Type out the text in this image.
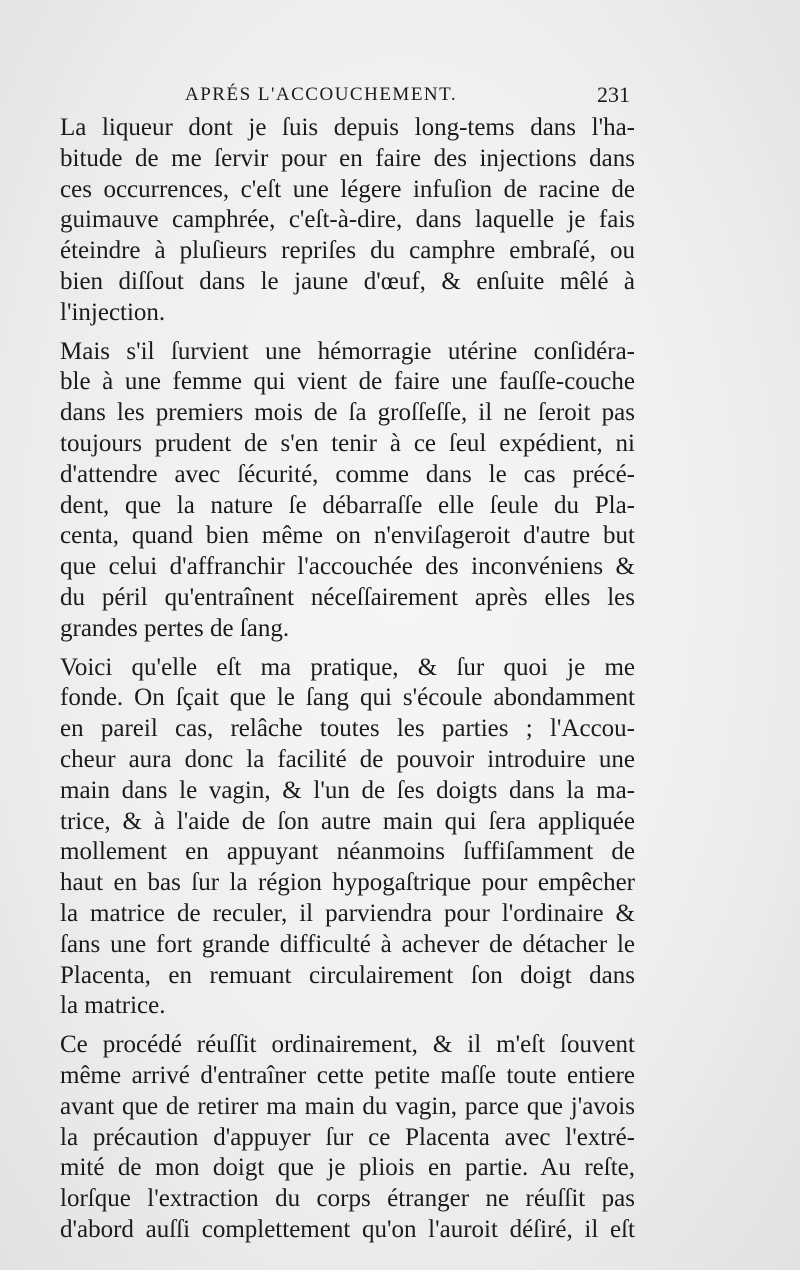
APRÉS L'ACCOUCHEMENT.	231
La liqueur dont je ſuis depuis long-tems dans l'ha-
bitude de me ſervir pour en faire des injections dans
ces occurrences, c'eſt une légere infuſion de racine de
guimauve camphrée, c'eſt-à-dire, dans laquelle je fais
éteindre à pluſieurs repriſes du camphre embraſé, ou
bien diſſout dans le jaune d'œuf, & enſuite mêlé à
l'injection.
Mais s'il ſurvient une hémorragie utérine conſidéra-
ble à une femme qui vient de faire une fauſſe-couche
dans les premiers mois de ſa groſſeſſe, il ne ſeroit pas
toujours prudent de s'en tenir à ce ſeul expédient, ni
d'attendre avec ſécurité, comme dans le cas précé-
dent, que la nature ſe débarraſſe elle ſeule du Pla-
centa, quand bien même on n'enviſageroit d'autre but
que celui d'affranchir l'accouchée des inconvéniens &
du péril qu'entraînent néceſſairement après elles les
grandes pertes de ſang.
Voici qu'elle eſt ma pratique, & ſur quoi je me
fonde. On ſçait que le ſang qui s'écoule abondamment
en pareil cas, relâche toutes les parties ; l'Accou-
cheur aura donc la facilité de pouvoir introduire une
main dans le vagin, & l'un de ſes doigts dans la ma-
trice, & à l'aide de ſon autre main qui ſera appliquée
mollement en appuyant néanmoins ſuffiſamment de
haut en bas ſur la région hypogaſtrique pour empêcher
la matrice de reculer, il parviendra pour l'ordinaire &
ſans une fort grande difficulté à achever de détacher le
Placenta, en remuant circulairement ſon doigt dans
la matrice.
Ce procédé réuſſit ordinairement, & il m'eſt ſouvent
même arrivé d'entraîner cette petite maſſe toute entiere
avant que de retirer ma main du vagin, parce que j'avois
la précaution d'appuyer ſur ce Placenta avec l'extré-
mité de mon doigt que je pliois en partie. Au reſte,
lorſque l'extraction du corps étranger ne réuſſit pas
d'abord auſſi complettement qu'on l'auroit déſiré, il eſt
